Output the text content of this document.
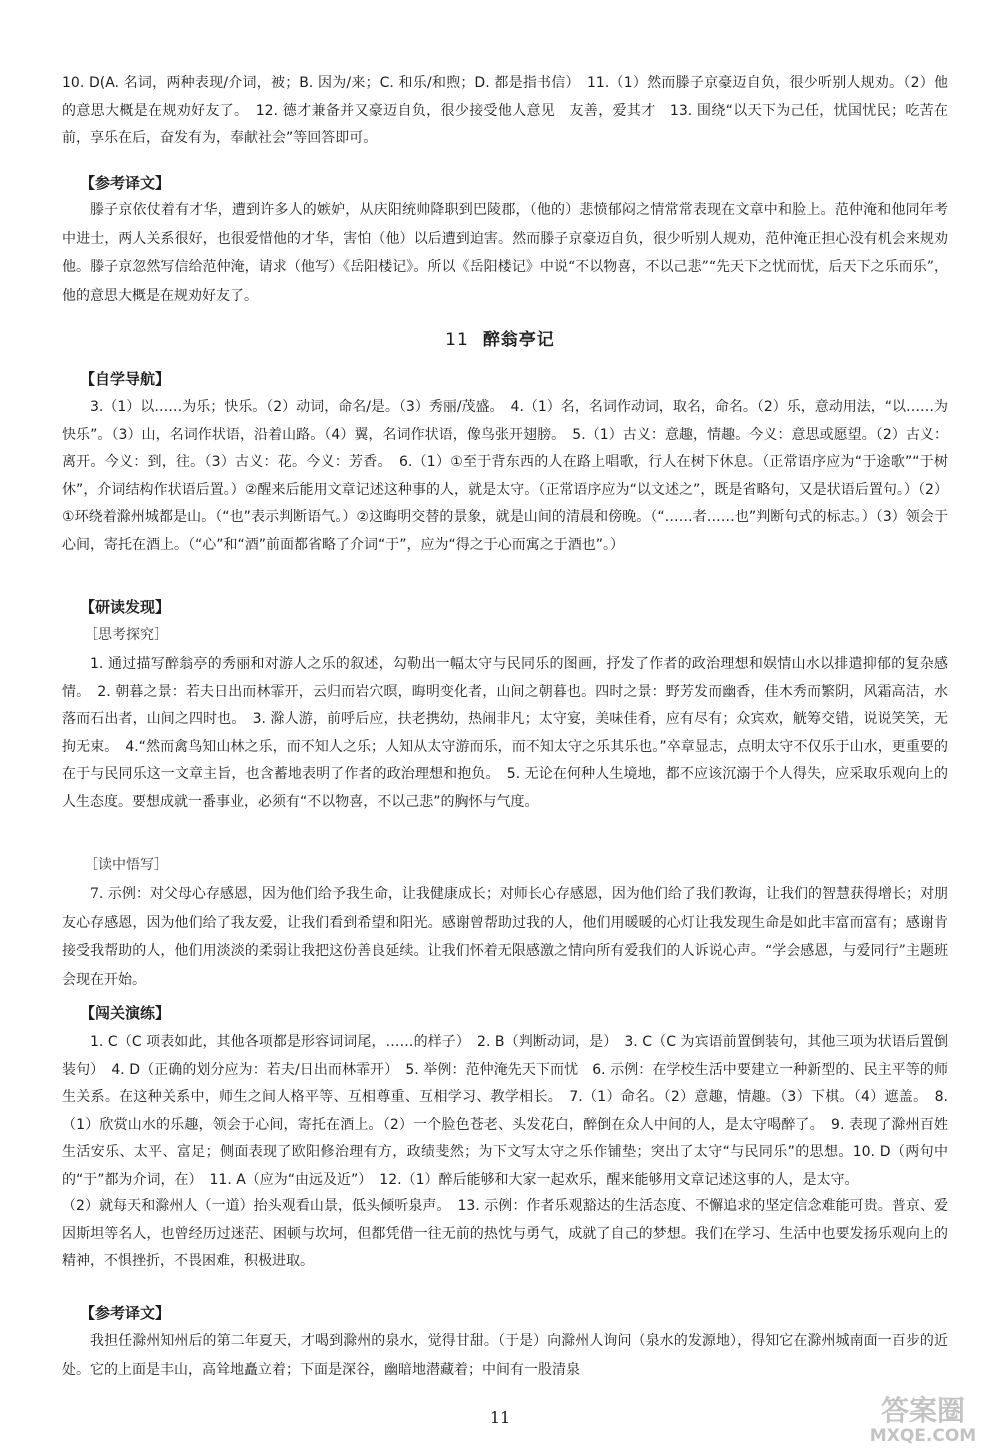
10. D(A. 名词，两种表现/介词，被；B. 因为/来；C. 和乐/和煦；D. 都是指书信）　11.（1）然而滕子京豪迈自负，很少听别人规劝。（2）他的意思大概是在规劝好友了。　12. 德才兼备并又豪迈自负，很少接受他人意见　友善，爱其才　13. 围绕“以天下为己任，忧国忧民；吃苦在前，享乐在后，奋发有为，奉献社会”等回答即可。

【参考译文】

滕子京依仗着有才华，遭到许多人的嫉妒，从庆阳统帅降职到巴陵郡，（他的）悲愤郁闷之情常常表现在文章中和脸上。范仲淹和他同年考中进士，两人关系很好，也很爱惜他的才华，害怕（他）以后遭到迫害。然而滕子京豪迈自负，很少听别人规劝，范仲淹正担心没有机会来规劝他。滕子京忽然写信给范仲淹，请求（他写）《岳阳楼记》。所以《岳阳楼记》中说“不以物喜，不以己悲”“先天下之忧而忧，后天下之乐而乐”，他的意思大概是在规劝好友了。

11 醉翁亭记
【自学导航】

3.（1）以……为乐；快乐。（2）动词，命名/是。（3）秀丽/茂盛。　4.（1）名，名词作动词，取名，命名。（2）乐，意动用法，“以……为快乐”。（3）山，名词作状语，沿着山路。（4）翼，名词作状语，像鸟张开翅膀。　5.（1）古义：意趣，情趣。今义：意思或愿望。（2）古义：离开。今义：到，往。（3）古义：花。今义：芳香。　6.（1）①至于背东西的人在路上唱歌，行人在树下休息。（正常语序应为“于途歌”“于树休”，介词结构作状语后置。）②醒来后能用文章记述这种事的人，就是太守。（正常语序应为“以文述之”，既是省略句，又是状语后置句。）（2）①环绕着滁州城都是山。（“也”表示判断语气。）②这晦明交替的景象，就是山间的清晨和傍晚。（“……者……也”判断句式的标志。）（3）领会于心间，寄托在酒上。（“心”和“酒”前面都省略了介词“于”，应为“得之于心而寓之于酒也”。）

【研读发现】
［思考探究］

1. 通过描写醉翁亭的秀丽和对游人之乐的叙述，勾勒出一幅太守与民同乐的图画，抒发了作者的政治理想和娱情山水以排遣抑郁的复杂感情。　2. 朝暮之景：若夫日出而林霏开，云归而岩穴暝，晦明变化者，山间之朝暮也。四时之景：野芳发而幽香，佳木秀而繁阴，风霜高洁，水落而石出者，山间之四时也。　3. 滁人游，前呼后应，扶老携幼，热闹非凡；太守宴，美味佳肴，应有尽有；众宾欢，觥筹交错，说说笑笑，无拘无束。　4.“然而禽鸟知山林之乐，而不知人之乐；人知从太守游而乐，而不知太守之乐其乐也。”卒章显志，点明太守不仅乐于山水，更重要的在于与民同乐这一文章主旨，也含蓄地表明了作者的政治理想和抱负。　5. 无论在何种人生境地，都不应该沉溺于个人得失，应采取乐观向上的人生态度。要想成就一番事业，必须有“不以物喜，不以己悲”的胸怀与气度。

［读中悟写］

7. 示例：对父母心存感恩，因为他们给予我生命，让我健康成长；对师长心存感恩，因为他们给了我们教诲，让我们的智慧获得增长；对朋友心存感恩，因为他们给了我友爱，让我们看到希望和阳光。感谢曾帮助过我的人，他们用暖暖的心灯让我发现生命是如此丰富而富有；感谢肯接受我帮助的人，他们用淡淡的柔弱让我把这份善良延续。让我们怀着无限感激之情向所有爱我们的人诉说心声。“学会感恩，与爱同行”主题班会现在开始。

【闯关演练】

1. C（C 项表如此，其他各项都是形容词词尾，……的样子）　2. B（判断动词，是）　3. C（C 为宾语前置倒装句，其他三项为状语后置倒装句）　4. D（正确的划分应为：若夫/日出而林霏开）　5. 举例：范仲淹先天下而忧　6. 示例：在学校生活中要建立一种新型的、民主平等的师生关系。在这种关系中，师生之间人格平等、互相尊重、互相学习、教学相长。　7.（1）命名。（2）意趣，情趣。（3）下棋。（4）遮盖。　8.（1）欣赏山水的乐趣，领会于心间，寄托在酒上。（2）一个脸色苍老、头发花白，醉倒在众人中间的人，是太守喝醉了。　9. 表现了滁州百姓生活安乐、太平、富足；侧面表现了欧阳修治理有方，政绩斐然；为下文写太守之乐作铺垫；突出了太守“与民同乐”的思想。10. D（两句中的“于”都为介词，在）　11. A（应为“由远及近”）　12.（1）醉后能够和大家一起欢乐，醒来能够用文章记述这事的人，是太守。

（2）就每天和滁州人（一道）抬头观看山景，低头倾听泉声。　13. 示例：作者乐观豁达的生活态度、不懈追求的坚定信念难能可贵。普京、爱因斯坦等名人，也曾经历过迷茫、困顿与坎坷，但都凭借一往无前的热忱与勇气，成就了自己的梦想。我们在学习、生活中也要发扬乐观向上的精神，不惧挫折，不畏困难，积极进取。

【参考译文】

我担任滁州知州后的第二年夏天，才喝到滁州的泉水，觉得甘甜。（于是）向滁州人询问（泉水的发源地），得知它在滁州城南面一百步的近处。它的上面是丰山，高耸地矗立着；下面是深谷，幽暗地潜藏着；中间有一股清泉

11	答案圈
MXQE.COM
